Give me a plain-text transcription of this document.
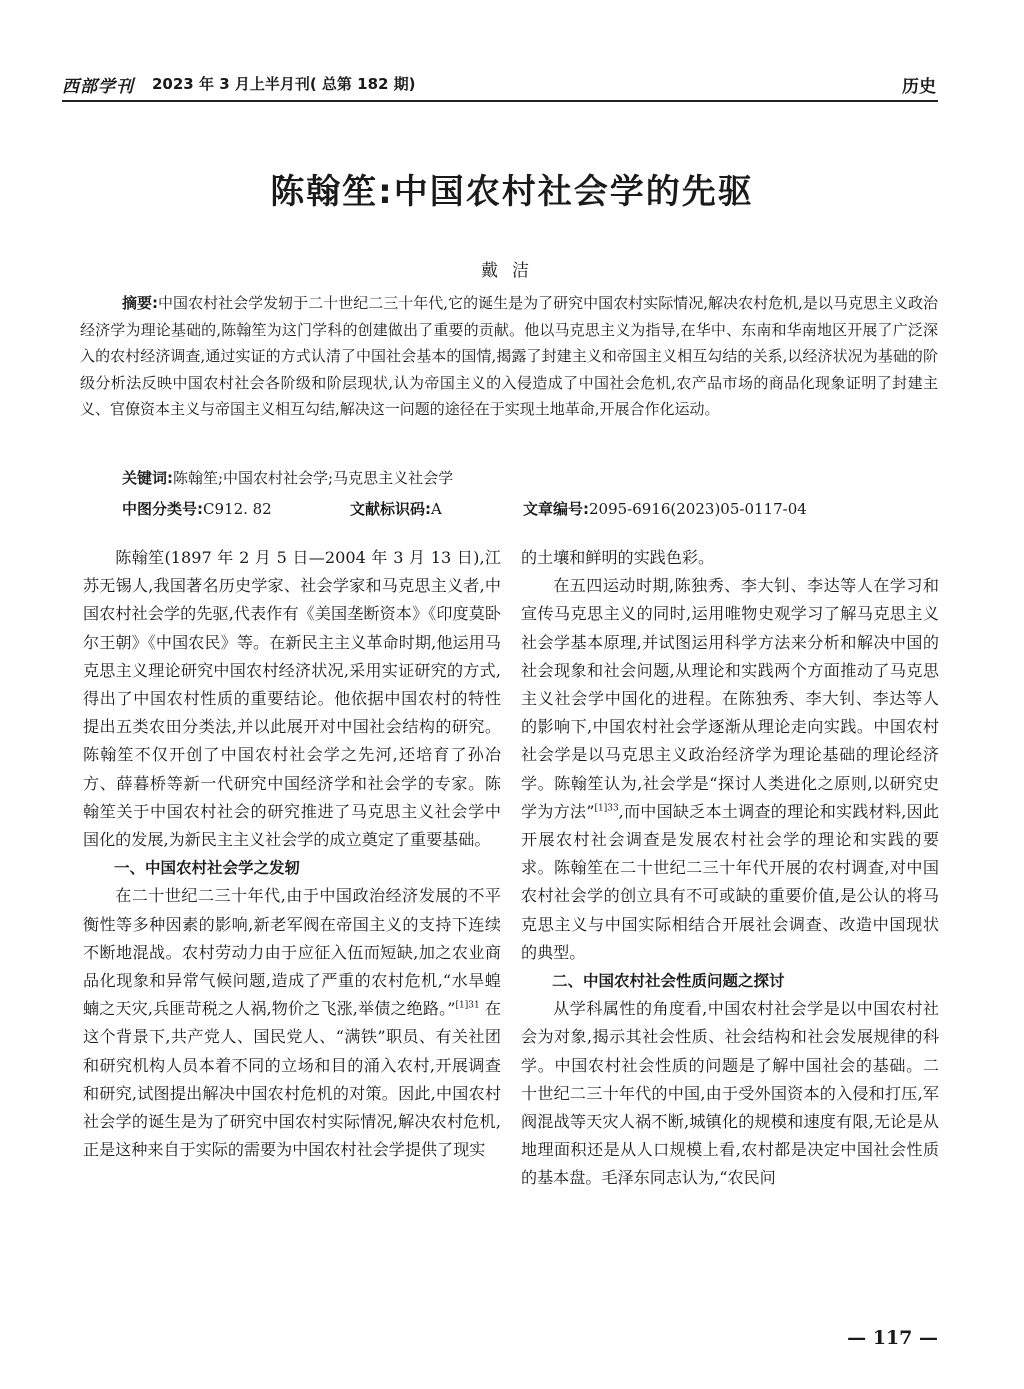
西部学刊 2023 年 3 月上半月刊( 总第 182 期)	历史
陈翰笙:中国农村社会学的先驱
戴洁
摘要:中国农村社会学发轫于二十世纪二三十年代,它的诞生是为了研究中国农村实际情况,解决农村危机,是以马克思主义政治经济学为理论基础的,陈翰笙为这门学科的创建做出了重要的贡献。他以马克思主义为指导,在华中、东南和华南地区开展了广泛深入的农村经济调查,通过实证的方式认清了中国社会基本的国情,揭露了封建主义和帝国主义相互勾结的关系,以经济状况为基础的阶级分析法反映中国农村社会各阶级和阶层现状,认为帝国主义的入侵造成了中国社会危机,农产品市场的商品化现象证明了封建主义、官僚资本主义与帝国主义相互勾结,解决这一问题的途径在于实现土地革命,开展合作化运动。
关键词:陈翰笙;中国农村社会学;马克思主义社会学
中图分类号:C912. 82	文献标识码:A	文章编号:2095-6916(2023)05-0117-04

陈翰笙(1897 年 2 月 5 日—2004 年 3 月 13 日),江苏无锡人,我国著名历史学家、社会学家和马克思主义者,中国农村社会学的先驱,代表作有《美国垄断资本》《印度莫卧尔王朝》《中国农民》等。在新民主主义革命时期,他运用马克思主义理论研究中国农村经济状况,采用实证研究的方式,得出了中国农村性质的重要结论。他依据中国农村的特性提出五类农田分类法,并以此展开对中国社会结构的研究。陈翰笙不仅开创了中国农村社会学之先河,还培育了孙冶方、薛暮桥等新一代研究中国经济学和社会学的专家。陈翰笙关于中国农村社会的研究推进了马克思主义社会学中国化的发展,为新民主主义社会学的成立奠定了重要基础。

一、中国农村社会学之发轫

在二十世纪二三十年代,由于中国政治经济发展的不平衡性等多种因素的影响,新老军阀在帝国主义的支持下连续不断地混战。农村劳动力由于应征入伍而短缺,加之农业商品化现象和异常气候问题,造成了严重的农村危机,“水旱蝗蝻之天灾,兵匪苛税之人祸,物价之飞涨,举债之绝路。”$^{[1]31}$ 在这个背景下,共产党人、国民党人、“满铁”职员、有关社团和研究机构人员本着不同的立场和目的涌入农村,开展调查和研究,试图提出解决中国农村危机的对策。因此,中国农村社会学的诞生是为了研究中国农村实际情况,解决农村危机,正是这种来自于实际的需要为中国农村社会学提供了现实

的土壤和鲜明的实践色彩。

在五四运动时期,陈独秀、李大钊、李达等人在学习和宣传马克思主义的同时,运用唯物史观学习了解马克思主义社会学基本原理,并试图运用科学方法来分析和解决中国的社会现象和社会问题,从理论和实践两个方面推动了马克思主义社会学中国化的进程。在陈独秀、李大钊、李达等人的影响下,中国农村社会学逐渐从理论走向实践。中国农村社会学是以马克思主义政治经济学为理论基础的理论经济学。陈翰笙认为,社会学是“探讨人类进化之原则,以研究史学为方法”$^{[1]33}$,而中国缺乏本土调查的理论和实践材料,因此开展农村社会调查是发展农村社会学的理论和实践的要求。陈翰笙在二十世纪二三十年代开展的农村调查,对中国农村社会学的创立具有不可或缺的重要价值,是公认的将马克思主义与中国实际相结合开展社会调查、改造中国现状的典型。

二、中国农村社会性质问题之探讨

从学科属性的角度看,中国农村社会学是以中国农村社会为对象,揭示其社会性质、社会结构和社会发展规律的科学。中国农村社会性质的问题是了解中国社会的基础。二十世纪二三十年代的中国,由于受外国资本的入侵和打压,军阀混战等天灾人祸不断,城镇化的规模和速度有限,无论是从地理面积还是从人口规模上看,农村都是决定中国社会性质的基本盘。毛泽东同志认为,“农民问

— 117 —
